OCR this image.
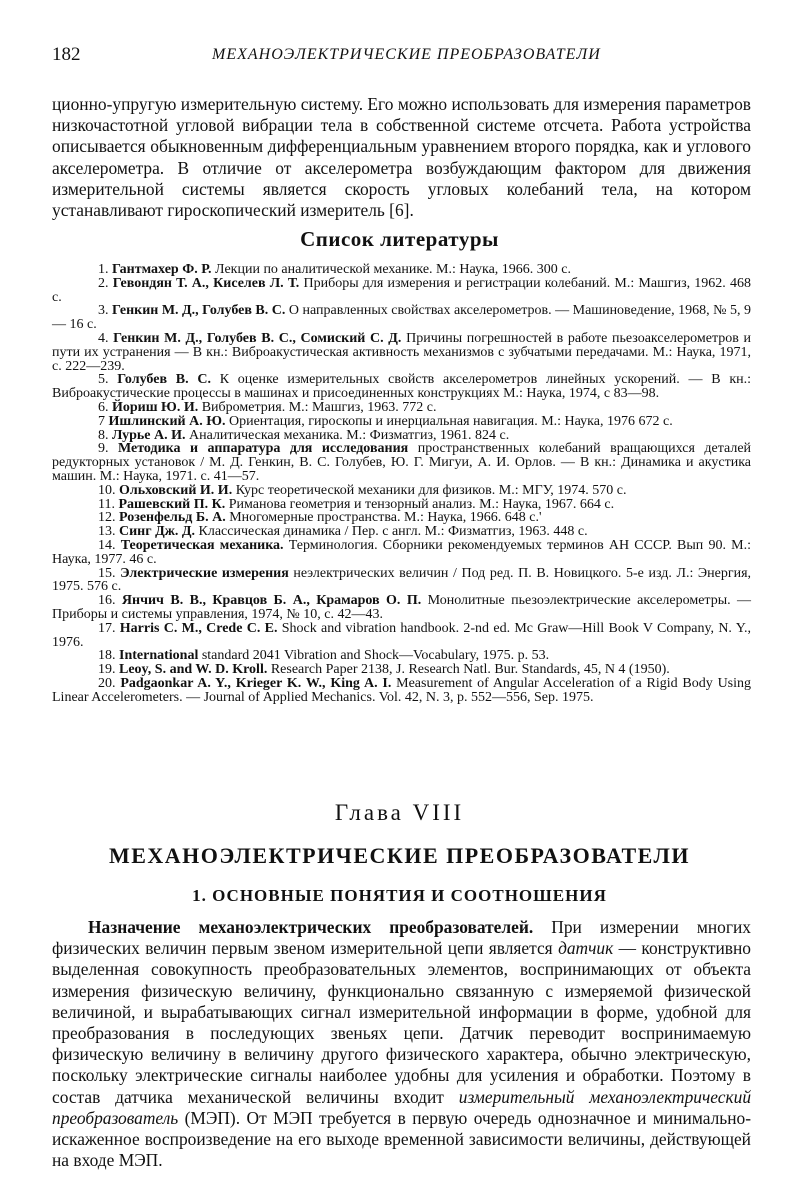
182	МЕХАНОЭЛЕКТРИЧЕСКИЕ ПРЕОБРАЗОВАТЕЛИ

ционно-упругую измерительную систему. Его можно использовать для измерения параметров низкочастотной угловой вибрации тела в собственной системе отсчета. Работа устройства описывается обыкновенным дифференциальным уравнением второго порядка, как и углового акселерометра. В отличие от акселерометра возбуждающим фактором для движения измерительной системы является скорость угловых колебаний тела, на котором устанавливают гироскопический измеритель [6].

Список литературы
1. Гантмахер Ф. Р. Лекции по аналитической механике. М.: Наука, 1966. 300 с.
2. Гевондян Т. А., Киселев Л. Т. Приборы для измерения и регистрации колебаний. М.: Машгиз, 1962. 468 с.
3. Генкин М. Д., Голубев В. С. О направленных свойствах акселерометров. — Машиноведение, 1968, № 5, 9 — 16 с.
4. Генкин М. Д., Голубев В. С., Сомиский С. Д. Причины погрешностей в работе пьезоакселерометров и пути их устранения — В кн.: Виброакустическая активность механизмов с зубчатыми передачами. М.: Наука, 1971, с. 222—239.
5. Голубев В. С. К оценке измерительных свойств акселерометров линейных ускорений. — В кн.: Виброакустические процессы в машинах и присоединенных конструкциях М.: Наука, 1974, с 83—98.
6. Йориш Ю. И. Виброметрия. М.: Машгиз, 1963. 772 с.
7 Ишлинский А. Ю. Ориентация, гироскопы и инерциальная навигация. М.: Наука, 1976 672 с.
8. Лурье А. И. Аналитическая механика. М.: Физматгиз, 1961. 824 с.
9. Методика и аппаратура для исследования пространственных колебаний вращающихся деталей редукторных установок / М. Д. Генкин, В. С. Голубев, Ю. Г. Мигуи, А. И. Орлов. — В кн.: Динамика и акустика машин. М.: Наука, 1971. с. 41—57.
10. Ольховский И. И. Курс теоретической механики для физиков. М.: МГУ, 1974. 570 с.
11. Рашевский П. К. Риманова геометрия и тензорный анализ. М.: Наука, 1967. 664 с.
12. Розенфельд Б. А. Многомерные пространства. М.: Наука, 1966. 648 с.'
13. Синг Дж. Д. Классическая динамика / Пер. с англ. М.: Физматгиз, 1963. 448 с.
14. Теоретическая механика. Терминология. Сборники рекомендуемых терминов АН СССР. Вып 90. М.: Наука, 1977. 46 с.
15. Электрические измерения неэлектрических величин / Под ред. П. В. Новицкого. 5-е изд. Л.: Энергия, 1975. 576 с.
16. Янчич В. В., Кравцов Б. А., Крамаров О. П. Монолитные пьезоэлектрические акселерометры. — Приборы и системы управления, 1974, № 10, с. 42—43.
17. Harris C. M., Crede C. E. Shock and vibration handbook. 2-nd ed. Mc Graw—Hill Book V Company, N. Y., 1976.
18. International standard 2041 Vibration and Shock—Vocabulary, 1975. p. 53.
19. Leoy, S. and W. D. Kroll. Research Paper 2138, J. Research Natl. Bur. Standards, 45, N 4 (1950).
20. Padgaonkar A. Y., Krieger K. W., King A. I. Measurement of Angular Acceleration of a Rigid Body Using Linear Accelerometers. — Journal of Applied Mechanics. Vol. 42, N. 3, p. 552—556, Sep. 1975.
Глава VIII
МЕХАНОЭЛЕКТРИЧЕСКИЕ ПРЕОБРАЗОВАТЕЛИ
1. ОСНОВНЫЕ ПОНЯТИЯ И СООТНОШЕНИЯ

Назначение механоэлектрических преобразователей. При измерении многих физических величин первым звеном измерительной цепи является датчик — конструктивно выделенная совокупность преобразовательных элементов, воспринимающих от объекта измерения физическую величину, функционально связанную с измеряемой физической величиной, и вырабатывающих сигнал измерительной информации в форме, удобной для преобразования в последующих звеньях цепи. Датчик переводит воспринимаемую физическую величину в величину другого физического характера, обычно электрическую, поскольку электрические сигналы наиболее удобны для усиления и обработки. Поэтому в состав датчика механической величины входит измерительный механоэлектрический преобразователь (МЭП). От МЭП требуется в первую очередь однозначное и минимально-искаженное воспроизведение на его выходе временной зависимости величины, действующей на входе МЭП.
